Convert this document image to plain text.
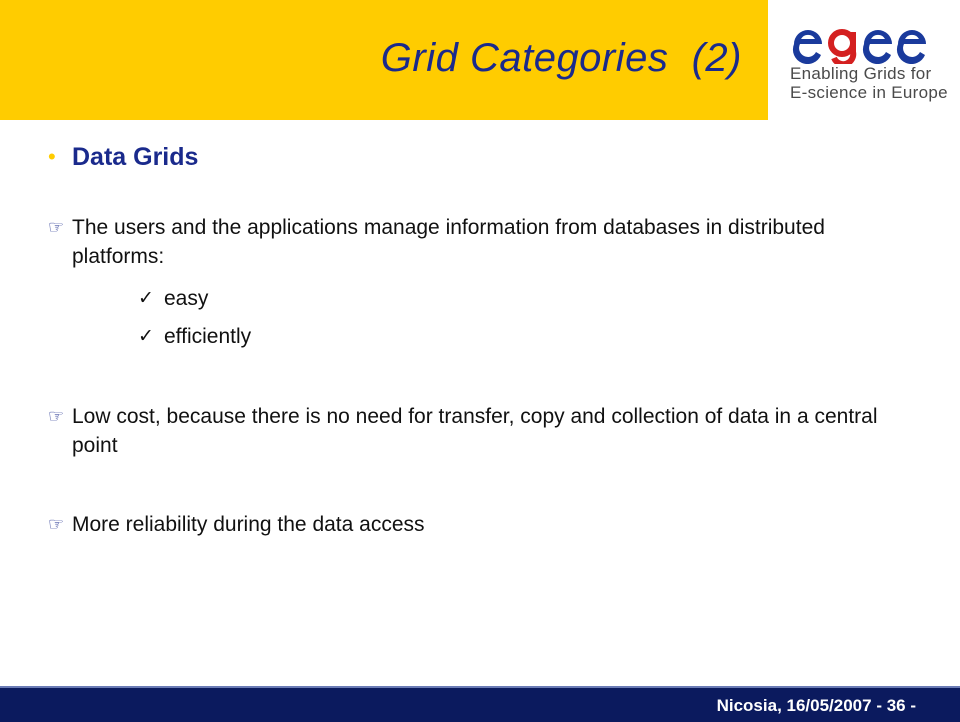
Grid Categories  (2)	Enabling Grids for
E-science in Europe
• Data Grids
☞ The users and the applications manage information from databases in distributed platforms:
✓ easy
✓ efficiently
☞ Low cost, because there is no need for transfer, copy and collection of data in a central point
☞ More reliability during the data access
Nicosia, 16/05/2007 - 36 -
